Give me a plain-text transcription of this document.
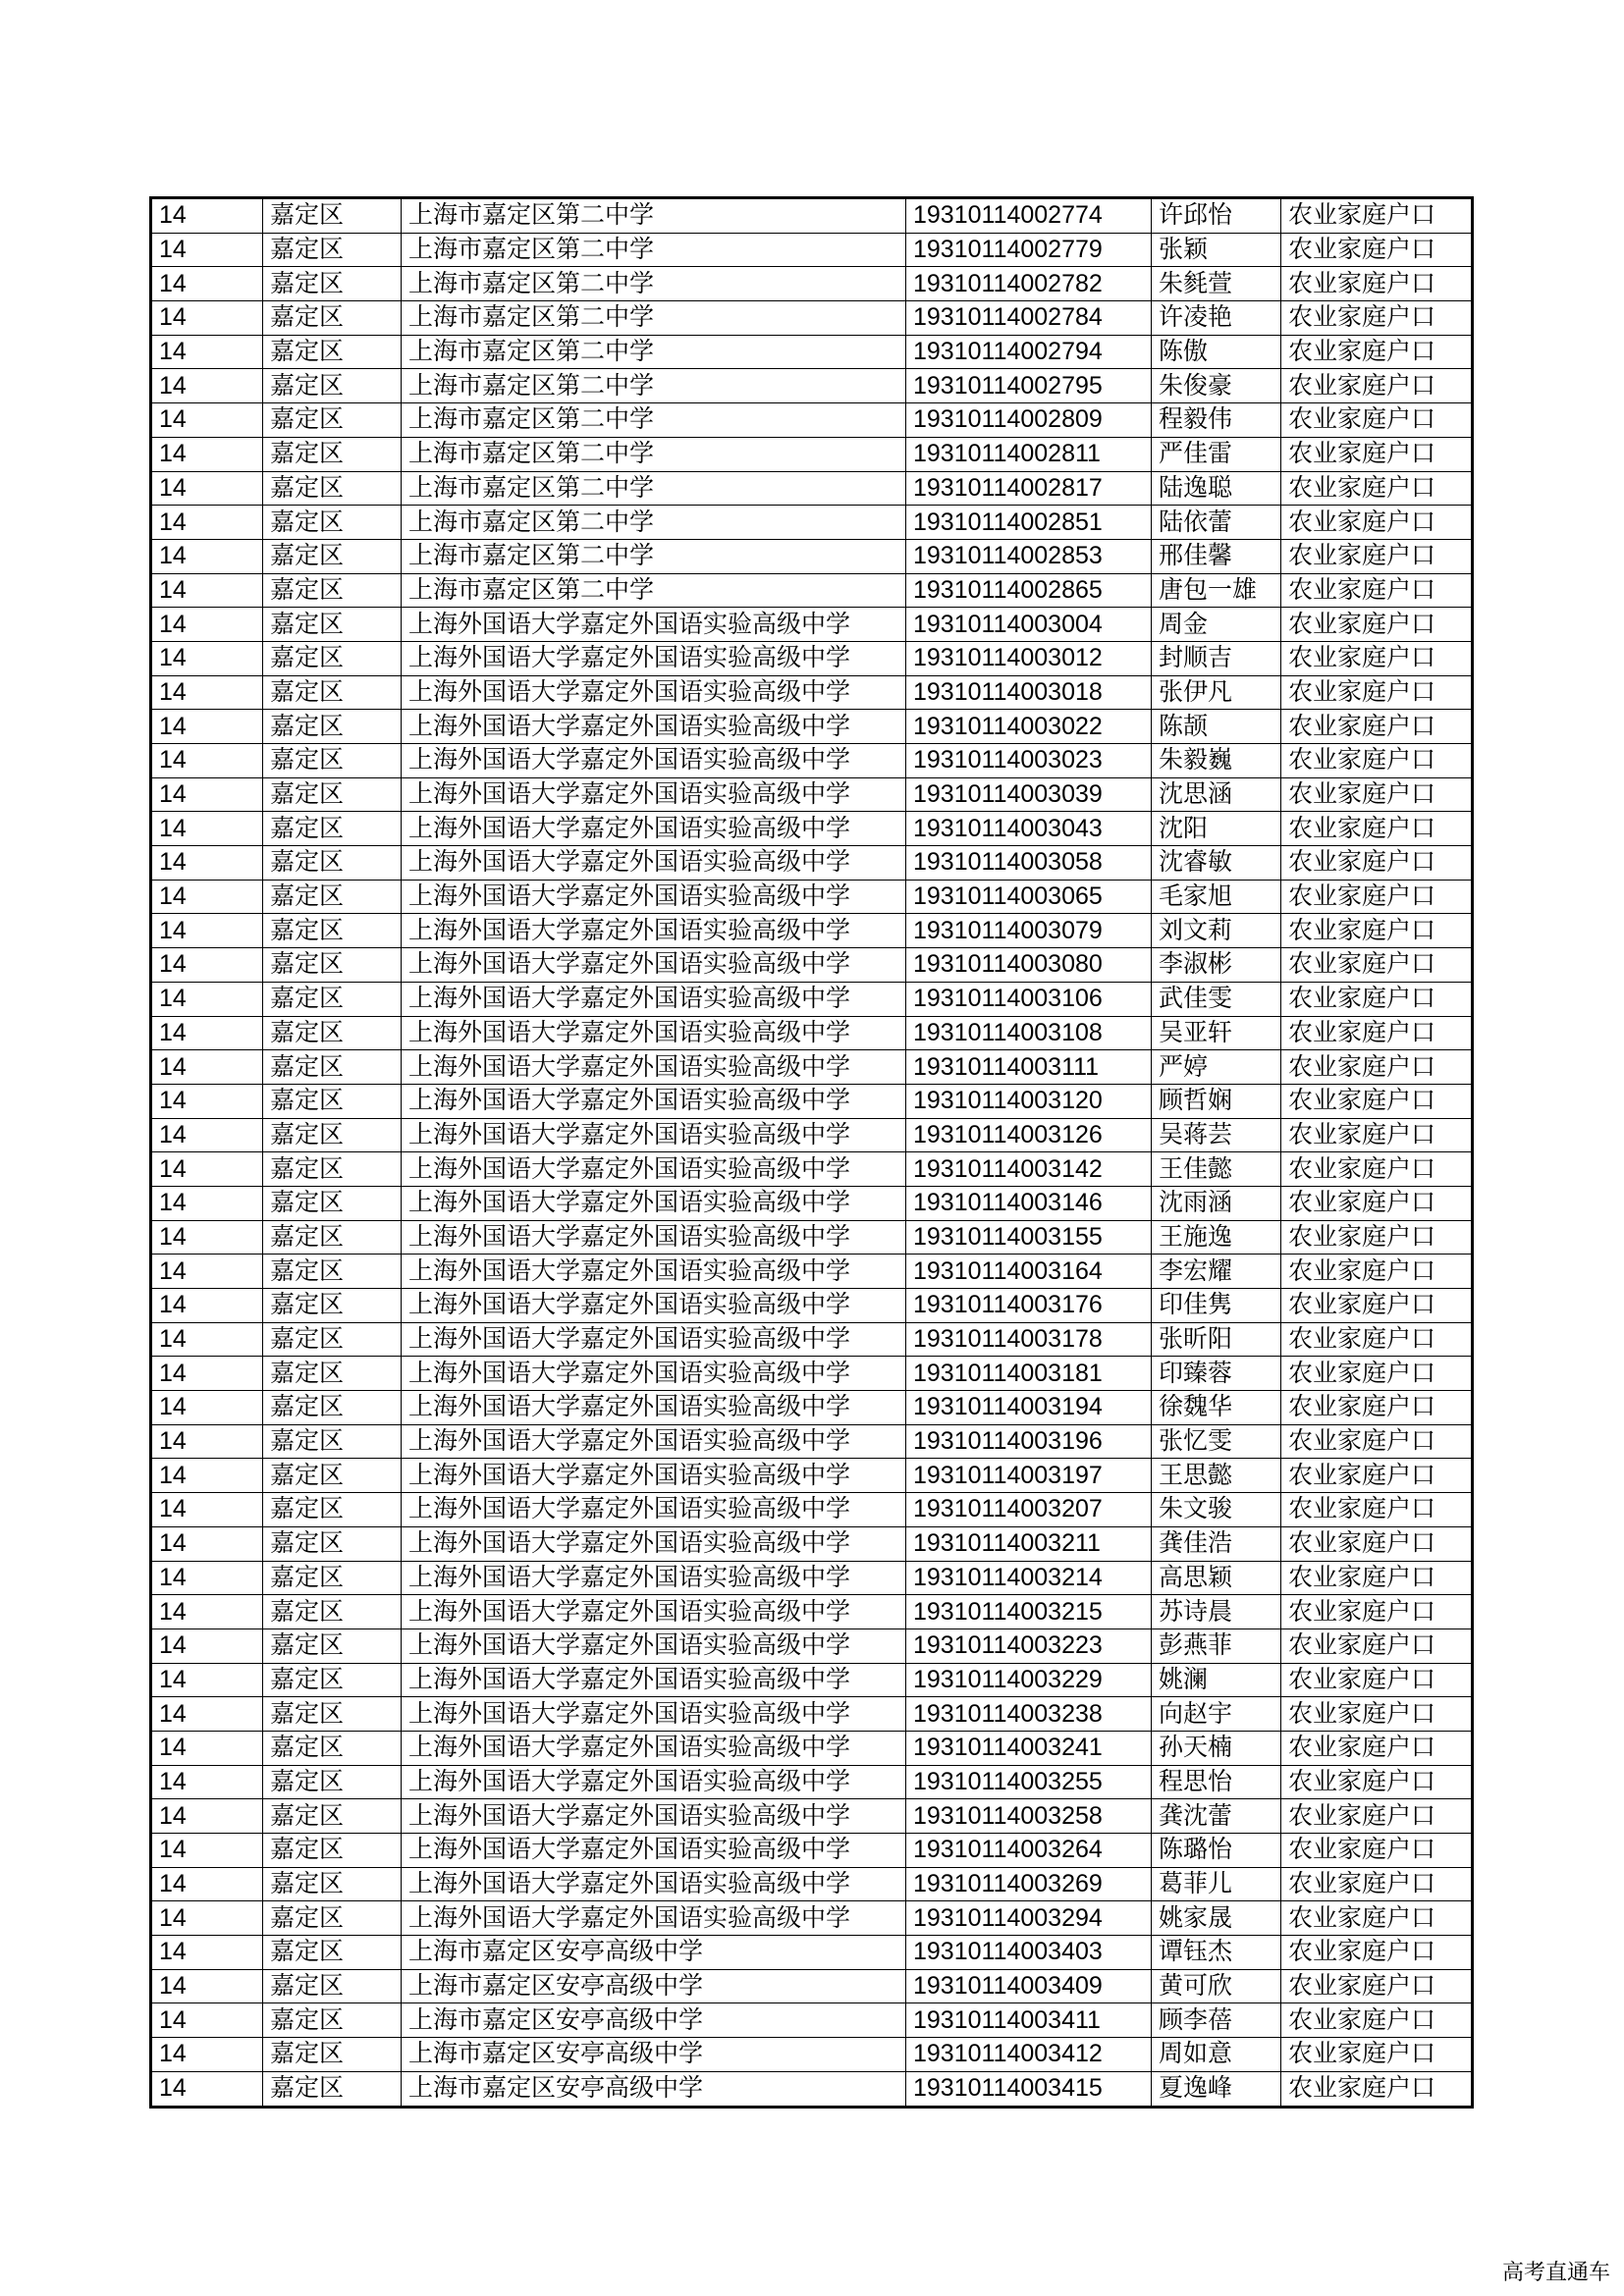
14	嘉定区	上海市嘉定区第二中学	19310114002774	许邱怡	农业家庭户口
14	嘉定区	上海市嘉定区第二中学	19310114002779	张颖	农业家庭户口
14	嘉定区	上海市嘉定区第二中学	19310114002782	朱毵萱	农业家庭户口
14	嘉定区	上海市嘉定区第二中学	19310114002784	许凌艳	农业家庭户口
14	嘉定区	上海市嘉定区第二中学	19310114002794	陈傲	农业家庭户口
14	嘉定区	上海市嘉定区第二中学	19310114002795	朱俊豪	农业家庭户口
14	嘉定区	上海市嘉定区第二中学	19310114002809	程毅伟	农业家庭户口
14	嘉定区	上海市嘉定区第二中学	19310114002811	严佳雷	农业家庭户口
14	嘉定区	上海市嘉定区第二中学	19310114002817	陆逸聪	农业家庭户口
14	嘉定区	上海市嘉定区第二中学	19310114002851	陆依蕾	农业家庭户口
14	嘉定区	上海市嘉定区第二中学	19310114002853	邢佳馨	农业家庭户口
14	嘉定区	上海市嘉定区第二中学	19310114002865	唐包一雄	农业家庭户口
14	嘉定区	上海外国语大学嘉定外国语实验高级中学	19310114003004	周金	农业家庭户口
14	嘉定区	上海外国语大学嘉定外国语实验高级中学	19310114003012	封顺吉	农业家庭户口
14	嘉定区	上海外国语大学嘉定外国语实验高级中学	19310114003018	张伊凡	农业家庭户口
14	嘉定区	上海外国语大学嘉定外国语实验高级中学	19310114003022	陈颉	农业家庭户口
14	嘉定区	上海外国语大学嘉定外国语实验高级中学	19310114003023	朱毅巍	农业家庭户口
14	嘉定区	上海外国语大学嘉定外国语实验高级中学	19310114003039	沈思涵	农业家庭户口
14	嘉定区	上海外国语大学嘉定外国语实验高级中学	19310114003043	沈阳	农业家庭户口
14	嘉定区	上海外国语大学嘉定外国语实验高级中学	19310114003058	沈睿敏	农业家庭户口
14	嘉定区	上海外国语大学嘉定外国语实验高级中学	19310114003065	毛家旭	农业家庭户口
14	嘉定区	上海外国语大学嘉定外国语实验高级中学	19310114003079	刘文莉	农业家庭户口
14	嘉定区	上海外国语大学嘉定外国语实验高级中学	19310114003080	李淑彬	农业家庭户口
14	嘉定区	上海外国语大学嘉定外国语实验高级中学	19310114003106	武佳雯	农业家庭户口
14	嘉定区	上海外国语大学嘉定外国语实验高级中学	19310114003108	吴亚轩	农业家庭户口
14	嘉定区	上海外国语大学嘉定外国语实验高级中学	19310114003111	严婷	农业家庭户口
14	嘉定区	上海外国语大学嘉定外国语实验高级中学	19310114003120	顾哲娴	农业家庭户口
14	嘉定区	上海外国语大学嘉定外国语实验高级中学	19310114003126	吴蒋芸	农业家庭户口
14	嘉定区	上海外国语大学嘉定外国语实验高级中学	19310114003142	王佳懿	农业家庭户口
14	嘉定区	上海外国语大学嘉定外国语实验高级中学	19310114003146	沈雨涵	农业家庭户口
14	嘉定区	上海外国语大学嘉定外国语实验高级中学	19310114003155	王施逸	农业家庭户口
14	嘉定区	上海外国语大学嘉定外国语实验高级中学	19310114003164	李宏耀	农业家庭户口
14	嘉定区	上海外国语大学嘉定外国语实验高级中学	19310114003176	印佳隽	农业家庭户口
14	嘉定区	上海外国语大学嘉定外国语实验高级中学	19310114003178	张昕阳	农业家庭户口
14	嘉定区	上海外国语大学嘉定外国语实验高级中学	19310114003181	印臻蓉	农业家庭户口
14	嘉定区	上海外国语大学嘉定外国语实验高级中学	19310114003194	徐魏华	农业家庭户口
14	嘉定区	上海外国语大学嘉定外国语实验高级中学	19310114003196	张忆雯	农业家庭户口
14	嘉定区	上海外国语大学嘉定外国语实验高级中学	19310114003197	王思懿	农业家庭户口
14	嘉定区	上海外国语大学嘉定外国语实验高级中学	19310114003207	朱文骏	农业家庭户口
14	嘉定区	上海外国语大学嘉定外国语实验高级中学	19310114003211	龚佳浩	农业家庭户口
14	嘉定区	上海外国语大学嘉定外国语实验高级中学	19310114003214	高思颖	农业家庭户口
14	嘉定区	上海外国语大学嘉定外国语实验高级中学	19310114003215	苏诗晨	农业家庭户口
14	嘉定区	上海外国语大学嘉定外国语实验高级中学	19310114003223	彭燕菲	农业家庭户口
14	嘉定区	上海外国语大学嘉定外国语实验高级中学	19310114003229	姚澜	农业家庭户口
14	嘉定区	上海外国语大学嘉定外国语实验高级中学	19310114003238	向赵宇	农业家庭户口
14	嘉定区	上海外国语大学嘉定外国语实验高级中学	19310114003241	孙天楠	农业家庭户口
14	嘉定区	上海外国语大学嘉定外国语实验高级中学	19310114003255	程思怡	农业家庭户口
14	嘉定区	上海外国语大学嘉定外国语实验高级中学	19310114003258	龚沈蕾	农业家庭户口
14	嘉定区	上海外国语大学嘉定外国语实验高级中学	19310114003264	陈璐怡	农业家庭户口
14	嘉定区	上海外国语大学嘉定外国语实验高级中学	19310114003269	葛菲儿	农业家庭户口
14	嘉定区	上海外国语大学嘉定外国语实验高级中学	19310114003294	姚家晟	农业家庭户口
14	嘉定区	上海市嘉定区安亭高级中学	19310114003403	谭钰杰	农业家庭户口
14	嘉定区	上海市嘉定区安亭高级中学	19310114003409	黄可欣	农业家庭户口
14	嘉定区	上海市嘉定区安亭高级中学	19310114003411	顾李蓓	农业家庭户口
14	嘉定区	上海市嘉定区安亭高级中学	19310114003412	周如意	农业家庭户口
14	嘉定区	上海市嘉定区安亭高级中学	19310114003415	夏逸峰	农业家庭户口
高考直通车
